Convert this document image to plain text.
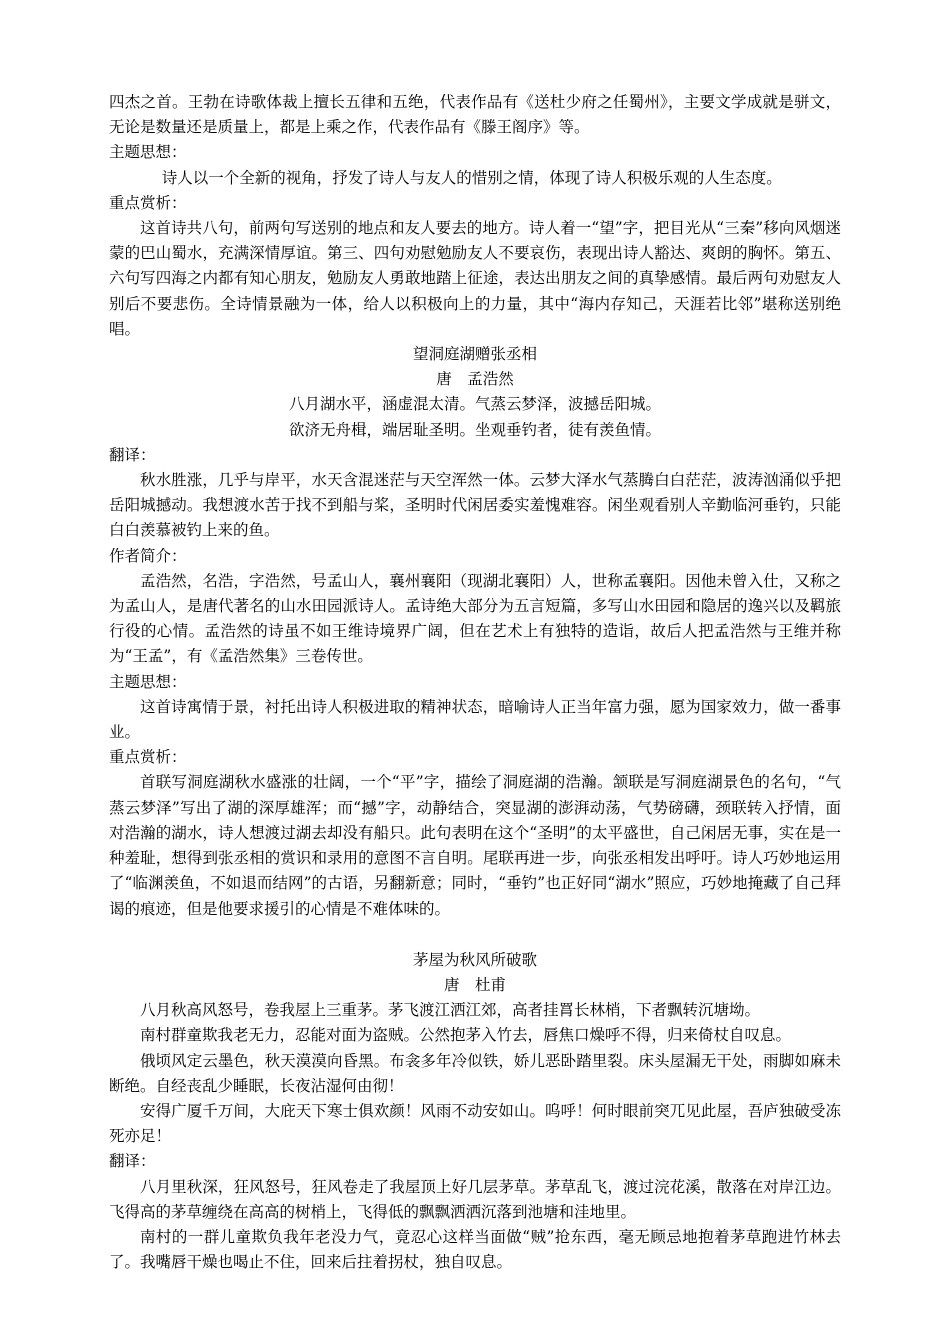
四杰之首。王勃在诗歌体裁上擅长五律和五绝，代表作品有《送杜少府之任蜀州》，主要文学成就是骈文，无论是数量还是质量上，都是上乘之作，代表作品有《滕王阁序》等。

主题思想：

诗人以一个全新的视角，抒发了诗人与友人的惜别之情，体现了诗人积极乐观的人生态度。

重点赏析：

这首诗共八句，前两句写送别的地点和友人要去的地方。诗人着一“望”字，把目光从“三秦”移向风烟迷蒙的巴山蜀水，充满深情厚谊。第三、四句劝慰勉励友人不要哀伤，表现出诗人豁达、爽朗的胸怀。第五、六句写四海之内都有知心朋友，勉励友人勇敢地踏上征途，表达出朋友之间的真挚感情。最后两句劝慰友人别后不要悲伤。全诗情景融为一体，给人以积极向上的力量，其中“海内存知己，天涯若比邻”堪称送别绝唱。

望洞庭湖赠张丞相

唐　孟浩然

八月湖水平，涵虚混太清。气蒸云梦泽，波撼岳阳城。

欲济无舟楫，端居耻圣明。坐观垂钓者，徒有羡鱼情。

翻译：

秋水胜涨，几乎与岸平，水天含混迷茫与天空浑然一体。云梦大泽水气蒸腾白白茫茫，波涛汹涌似乎把岳阳城撼动。我想渡水苦于找不到船与桨，圣明时代闲居委实羞愧难容。闲坐观看别人辛勤临河垂钓，只能白白羡慕被钓上来的鱼。

作者简介：

孟浩然，名浩，字浩然，号孟山人，襄州襄阳（现湖北襄阳）人，世称孟襄阳。因他未曾入仕，又称之为孟山人，是唐代著名的山水田园派诗人。孟诗绝大部分为五言短篇，多写山水田园和隐居的逸兴以及羁旅行役的心情。孟浩然的诗虽不如王维诗境界广阔，但在艺术上有独特的造诣，故后人把孟浩然与王维并称为“王孟”，有《孟浩然集》三卷传世。

主题思想：

这首诗寓情于景，衬托出诗人积极进取的精神状态，暗喻诗人正当年富力强，愿为国家效力，做一番事业。

重点赏析：

首联写洞庭湖秋水盛涨的壮阔，一个“平”字，描绘了洞庭湖的浩瀚。颔联是写洞庭湖景色的名句，“气蒸云梦泽”写出了湖的深厚雄浑；而“撼”字，动静结合，突显湖的澎湃动荡，气势磅礴，颈联转入抒情，面对浩瀚的湖水，诗人想渡过湖去却没有船只。此句表明在这个“圣明”的太平盛世，自己闲居无事，实在是一种羞耻，想得到张丞相的赏识和录用的意图不言自明。尾联再进一步，向张丞相发出呼吁。诗人巧妙地运用了“临渊羡鱼，不如退而结网”的古语，另翻新意；同时，“垂钓”也正好同“湖水”照应，巧妙地掩藏了自己拜谒的痕迹，但是他要求援引的心情是不难体味的。

茅屋为秋风所破歌

唐　杜甫

八月秋高风怒号，卷我屋上三重茅。茅飞渡江洒江郊，高者挂罥长林梢，下者飘转沉塘坳。

南村群童欺我老无力，忍能对面为盗贼。公然抱茅入竹去，唇焦口燥呼不得，归来倚杖自叹息。

俄顷风定云墨色，秋天漠漠向昏黑。布衾多年冷似铁，娇儿恶卧踏里裂。床头屋漏无干处，雨脚如麻未断绝。自经丧乱少睡眠，长夜沾湿何由彻！

安得广厦千万间，大庇天下寒士俱欢颜！风雨不动安如山。呜呼！何时眼前突兀见此屋，吾庐独破受冻死亦足！

翻译：

八月里秋深，狂风怒号，狂风卷走了我屋顶上好几层茅草。茅草乱飞，渡过浣花溪，散落在对岸江边。飞得高的茅草缠绕在高高的树梢上，飞得低的飘飘洒洒沉落到池塘和洼地里。

南村的一群儿童欺负我年老没力气，竟忍心这样当面做“贼”抢东西，毫无顾忌地抱着茅草跑进竹林去了。我嘴唇干燥也喝止不住，回来后拄着拐杖，独自叹息。
